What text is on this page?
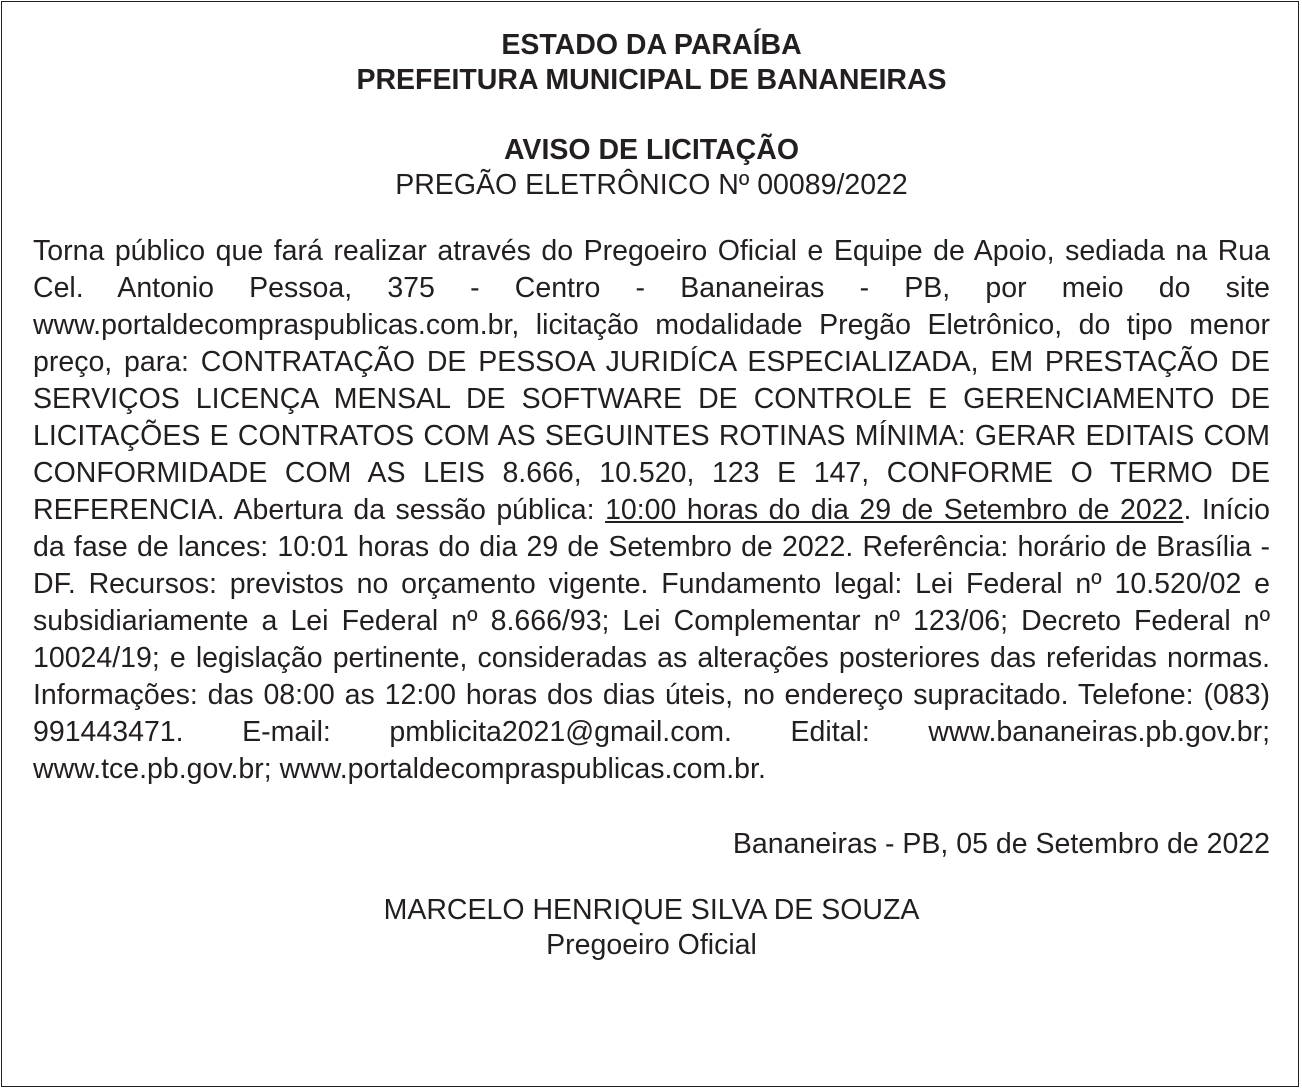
ESTADO DA PARAÍBA
PREFEITURA MUNICIPAL DE BANANEIRAS
AVISO DE LICITAÇÃO
PREGÃO ELETRÔNICO Nº 00089/2022

Torna público que fará realizar através do Pregoeiro Oficial e Equipe de Apoio, sediada na Rua Cel. Antonio Pessoa, 375 - Centro - Bananeiras - PB, por meio do site www.portaldecompraspublicas.com.br, licitação modalidade Pregão Eletrônico, do tipo menor preço, para: CONTRATAÇÃO DE PESSOA JURIDÍCA ESPECIALIZADA, EM PRESTAÇÃO DE SERVIÇOS LICENÇA MENSAL DE SOFTWARE DE CONTROLE E GERENCIAMENTO DE LICITAÇÕES E CONTRATOS COM AS SEGUINTES ROTINAS MÍNIMA: GERAR EDITAIS COM CONFORMIDADE COM AS LEIS 8.666, 10.520, 123 E 147, CONFORME O TERMO DE REFERENCIA. Abertura da sessão pública: 10:00 horas do dia 29 de Setembro de 2022. Início da fase de lances: 10:01 horas do dia 29 de Setembro de 2022. Referência: horário de Brasília - DF. Recursos: previstos no orçamento vigente. Fundamento legal: Lei Federal nº 10.520/02 e subsidiariamente a Lei Federal nº 8.666/93; Lei Complementar nº 123/06; Decreto Federal nº 10024/19; e legislação pertinente, consideradas as alterações posteriores das referidas normas. Informações: das 08:00 as 12:00 horas dos dias úteis, no endereço supracitado. Telefone: (083) 991443471. E-mail: pmblicita2021@gmail.com. Edital: www.bananeiras.pb.gov.br; www.tce.pb.gov.br; www.portaldecompraspublicas.com.br.

Bananeiras - PB, 05 de Setembro de 2022
MARCELO HENRIQUE SILVA DE SOUZA
Pregoeiro Oficial
